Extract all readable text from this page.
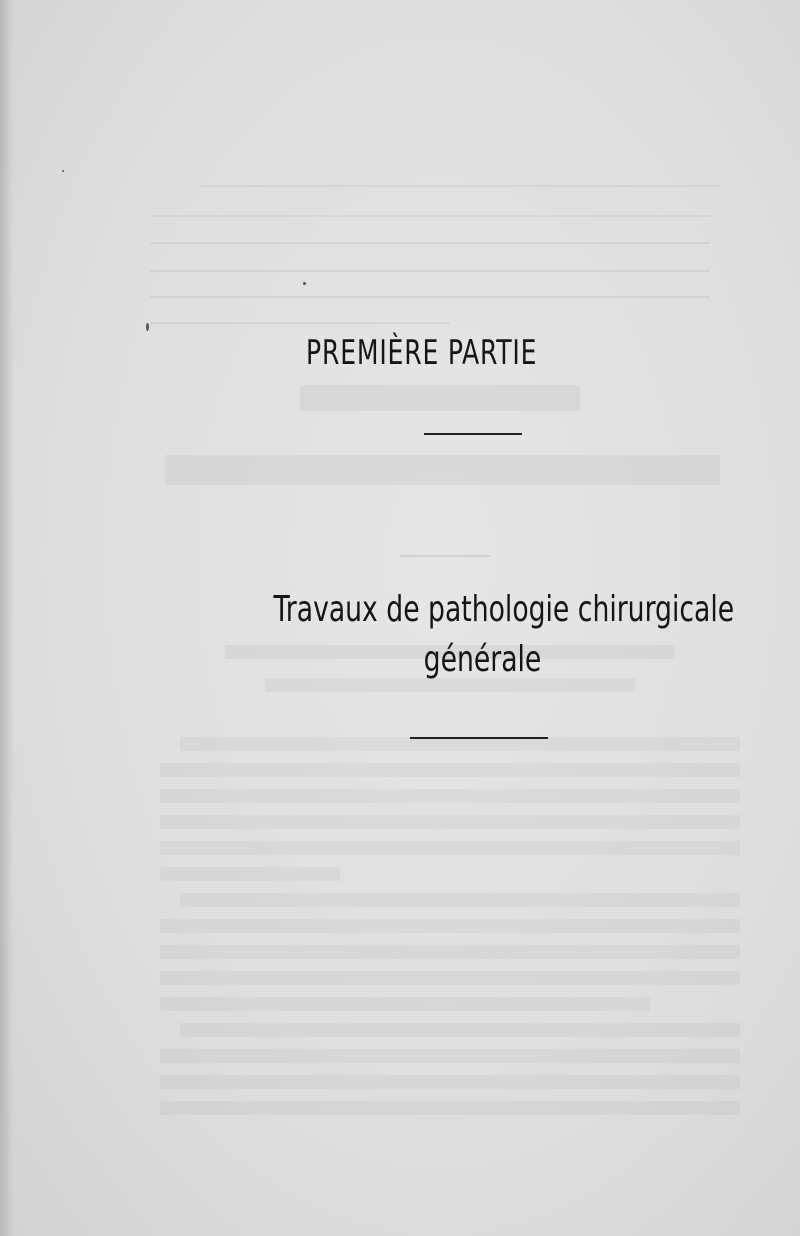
PREMIÈRE PARTIE
Travaux de pathologie chirurgicale
générale
